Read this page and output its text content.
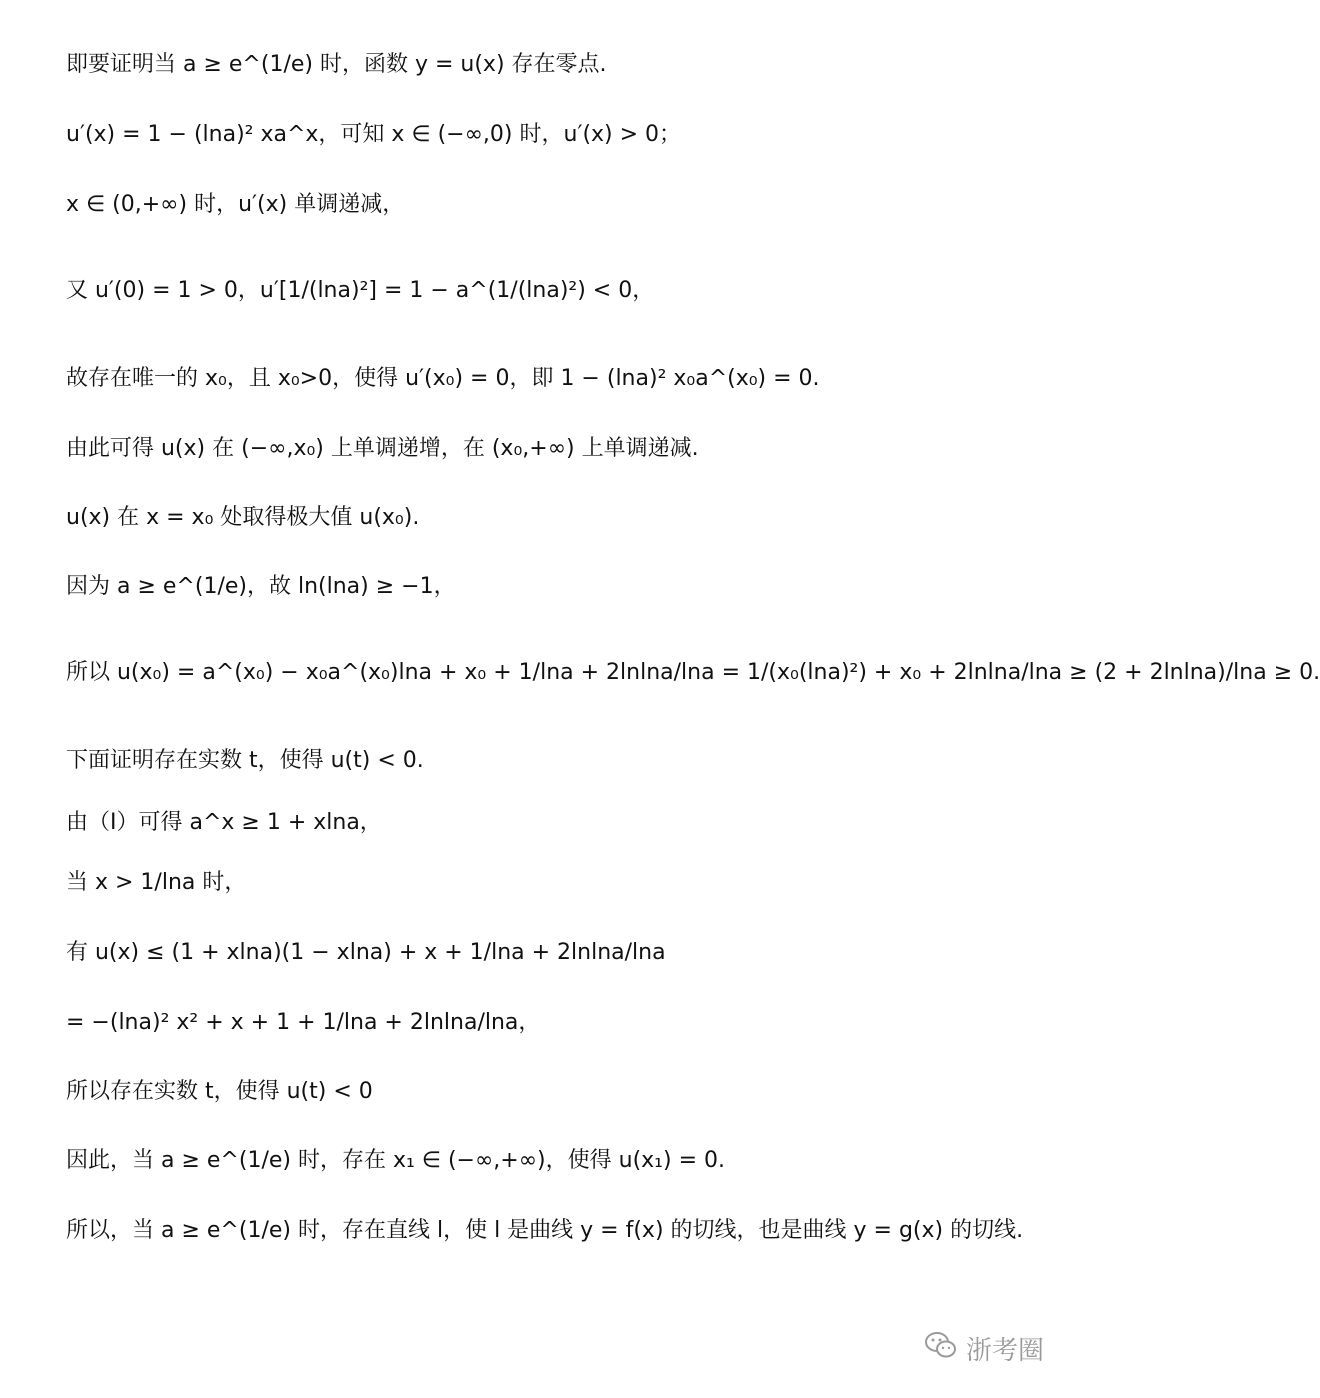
即要证明当 a ≥ e^(1/e) 时，函数 y = u(x) 存在零点.
u′(x) = 1 − (lna)² xa^x，可知 x ∈ (−∞,0) 时，u′(x) > 0；
x ∈ (0,+∞) 时，u′(x) 单调递减，
又 u′(0) = 1 > 0，u′[1/(lna)²] = 1 − a^(1/(lna)²) < 0，
故存在唯一的 x₀，且 x₀>0，使得 u′(x₀) = 0，即 1 − (lna)² x₀a^(x₀) = 0.
由此可得 u(x) 在 (−∞,x₀) 上单调递增，在 (x₀,+∞) 上单调递减.
u(x) 在 x = x₀ 处取得极大值 u(x₀).
因为 a ≥ e^(1/e)，故 ln(lna) ≥ −1，
所以 u(x₀) = a^(x₀) − x₀a^(x₀)lna + x₀ + 1/lna + 2lnlna/lna = 1/(x₀(lna)²) + x₀ + 2lnlna/lna ≥ (2 + 2lnlna)/lna ≥ 0.
下面证明存在实数 t，使得 u(t) < 0.
由（I）可得 a^x ≥ 1 + xlna，
当 x > 1/lna 时，
有 u(x) ≤ (1 + xlna)(1 − xlna) + x + 1/lna + 2lnlna/lna
= −(lna)² x² + x + 1 + 1/lna + 2lnlna/lna，
所以存在实数 t，使得 u(t) < 0
因此，当 a ≥ e^(1/e) 时，存在 x₁ ∈ (−∞,+∞)，使得 u(x₁) = 0.
所以，当 a ≥ e^(1/e) 时，存在直线 l，使 l 是曲线 y = f(x) 的切线，也是曲线 y = g(x) 的切线.
浙考圈
